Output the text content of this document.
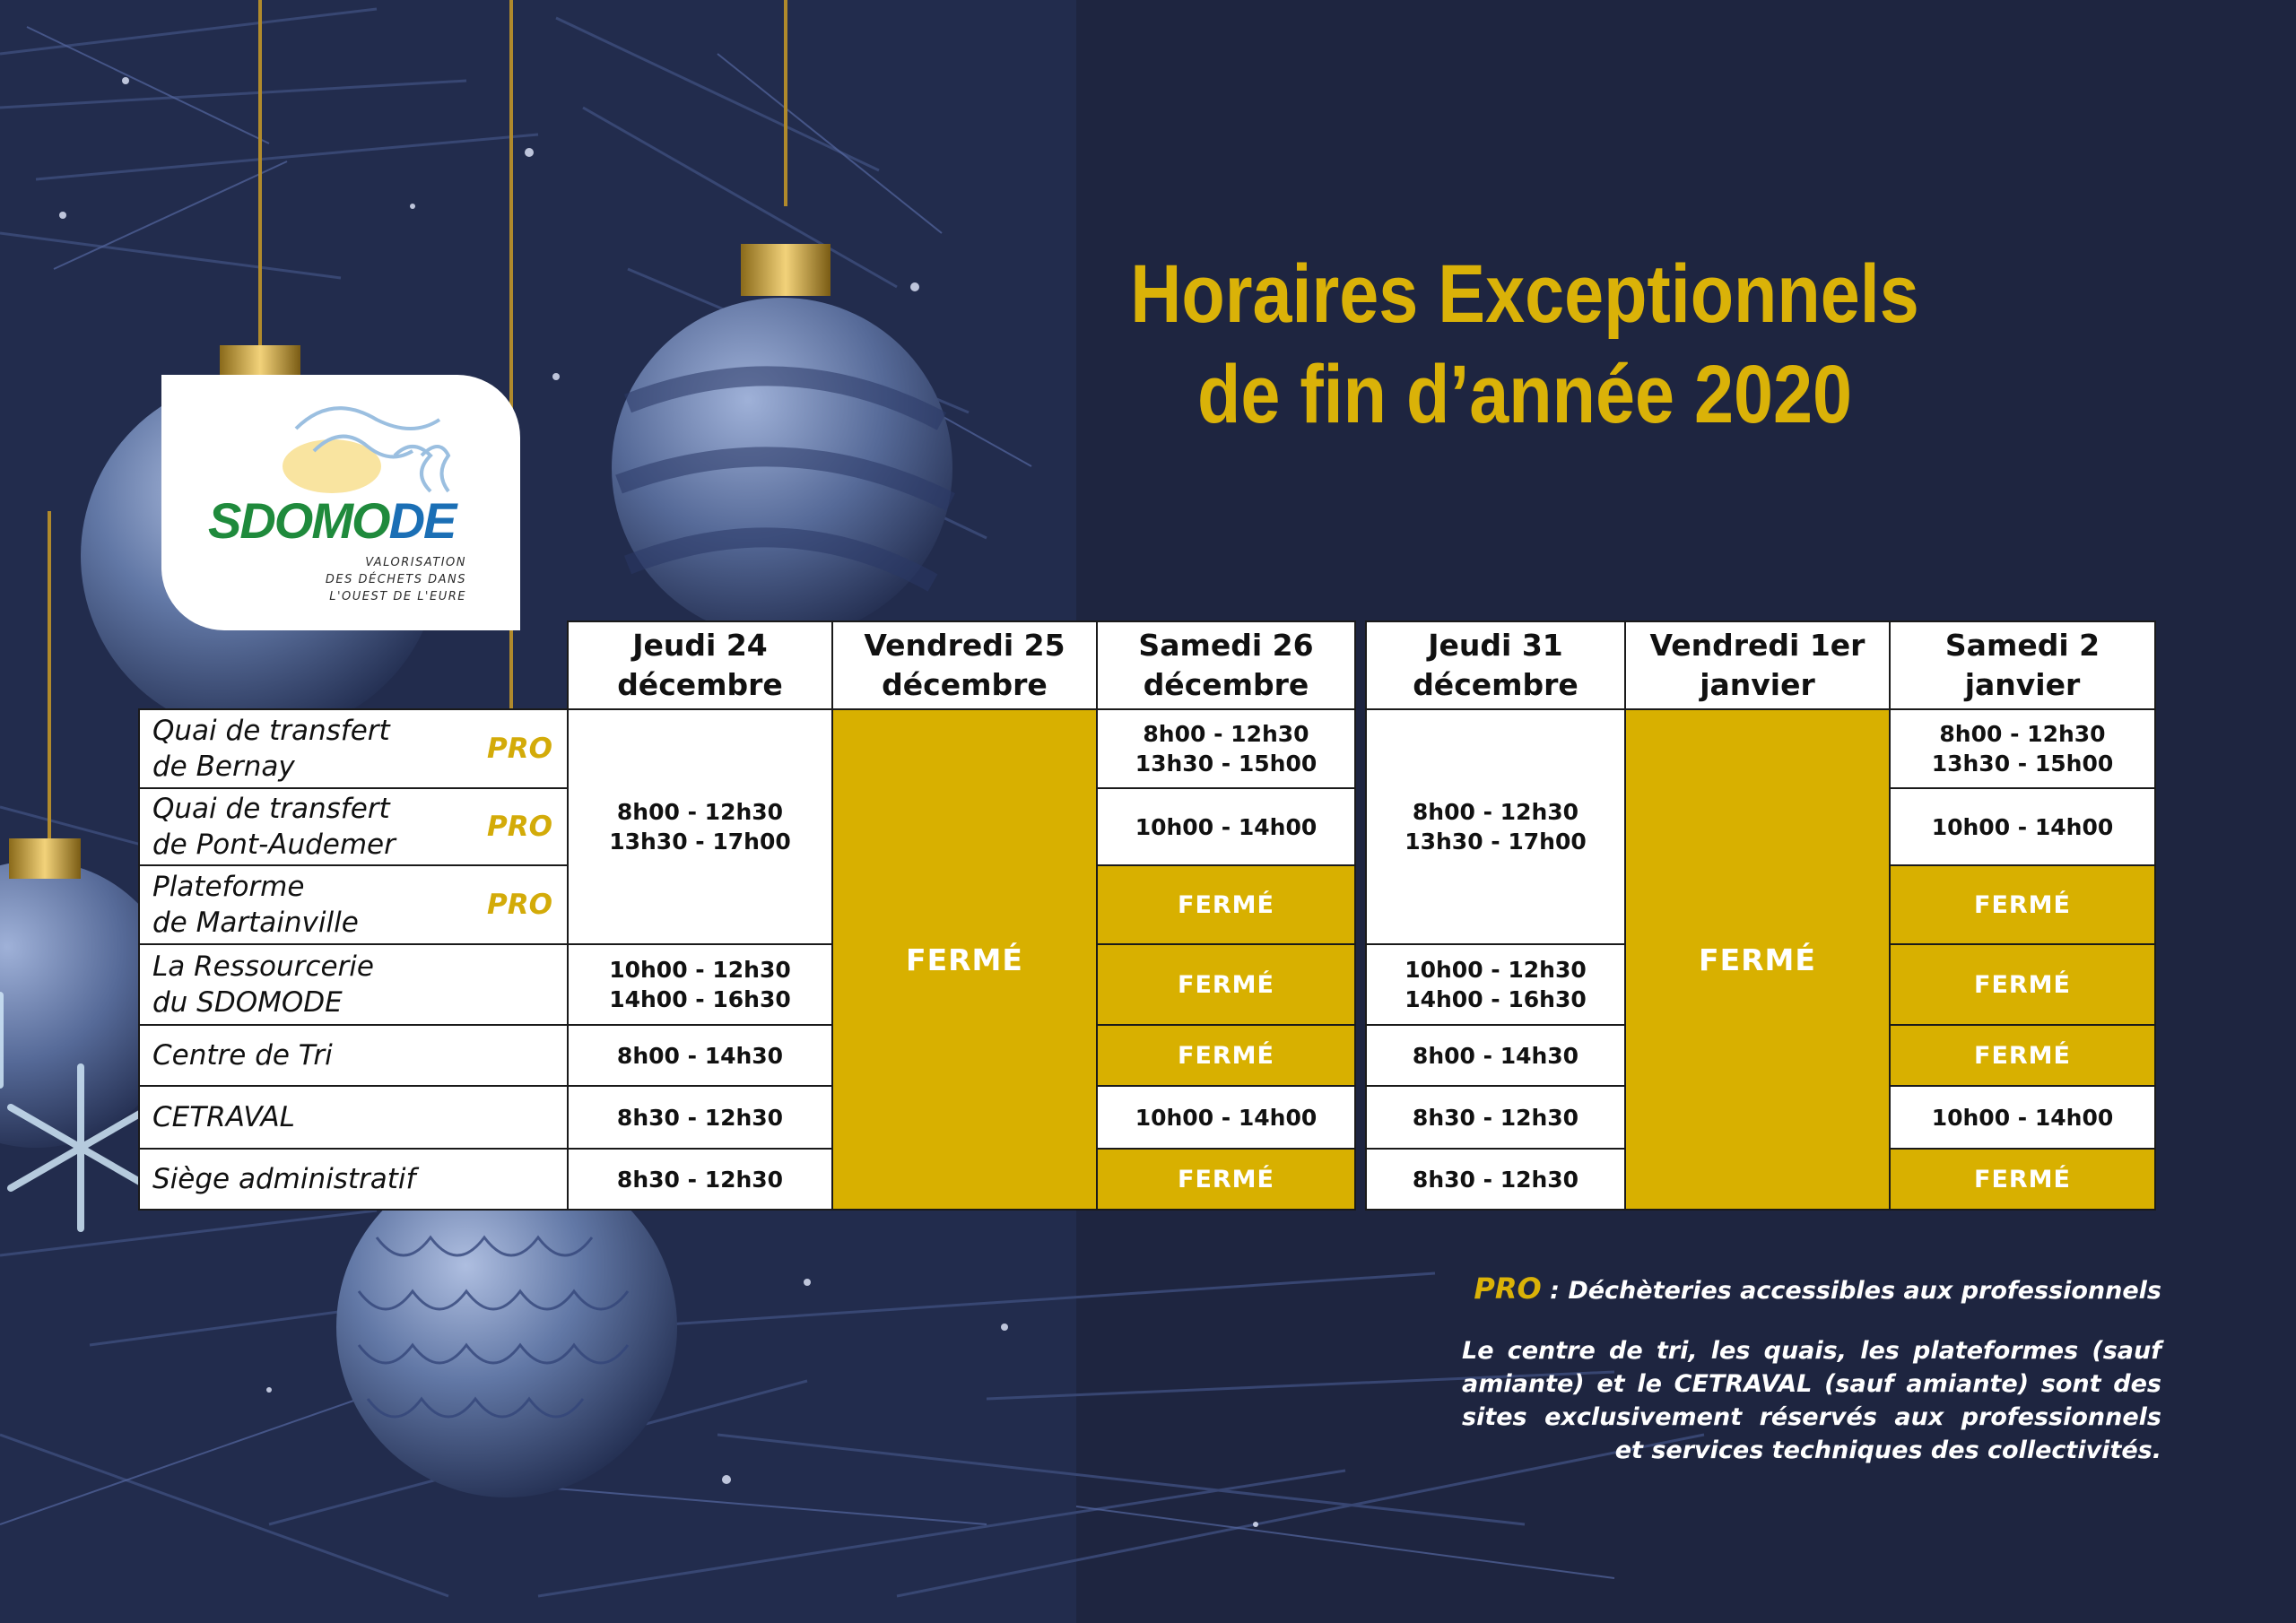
SDOMODE
VALORISATION
DES DÉCHETS DANS
L'OUEST DE L'EURE
Horaires Exceptionnels
de fin d’année 2020
Jeudi 24
décembre
Vendredi 25
décembre
Samedi 26
décembre
Jeudi 31
décembre
Vendredi 1er
janvier
Samedi 2
janvier
Quai de transfert
de Bernay
PRO
Quai de transfert
de Pont-Audemer
PRO
Plateforme
de Martainville
PRO
La Ressourcerie
du SDOMODE
Centre de Tri
CETRAVAL
Siège administratif
8h00 - 12h30
13h30 - 17h00
10h00 - 12h30
14h00 - 16h30
8h00 - 14h30
8h30 - 12h30
8h30 - 12h30
FERMÉ
8h00 - 12h30
13h30 - 15h00
10h00 - 14h00
FERMÉ
FERMÉ
FERMÉ
10h00 - 14h00
FERMÉ
8h00 - 12h30
13h30 - 17h00
10h00 - 12h30
14h00 - 16h30
8h00 - 14h30
8h30 - 12h30
8h30 - 12h30
FERMÉ
8h00 - 12h30
13h30 - 15h00
10h00 - 14h00
FERMÉ
FERMÉ
FERMÉ
10h00 - 14h00
FERMÉ
PRO : Déchèteries accessibles aux professionnels
Le centre de tri, les quais, les plateformes (sauf amiante) et le CETRAVAL (sauf amiante) sont des sites exclusivement réservés aux professionnels et services techniques des collectivités.
